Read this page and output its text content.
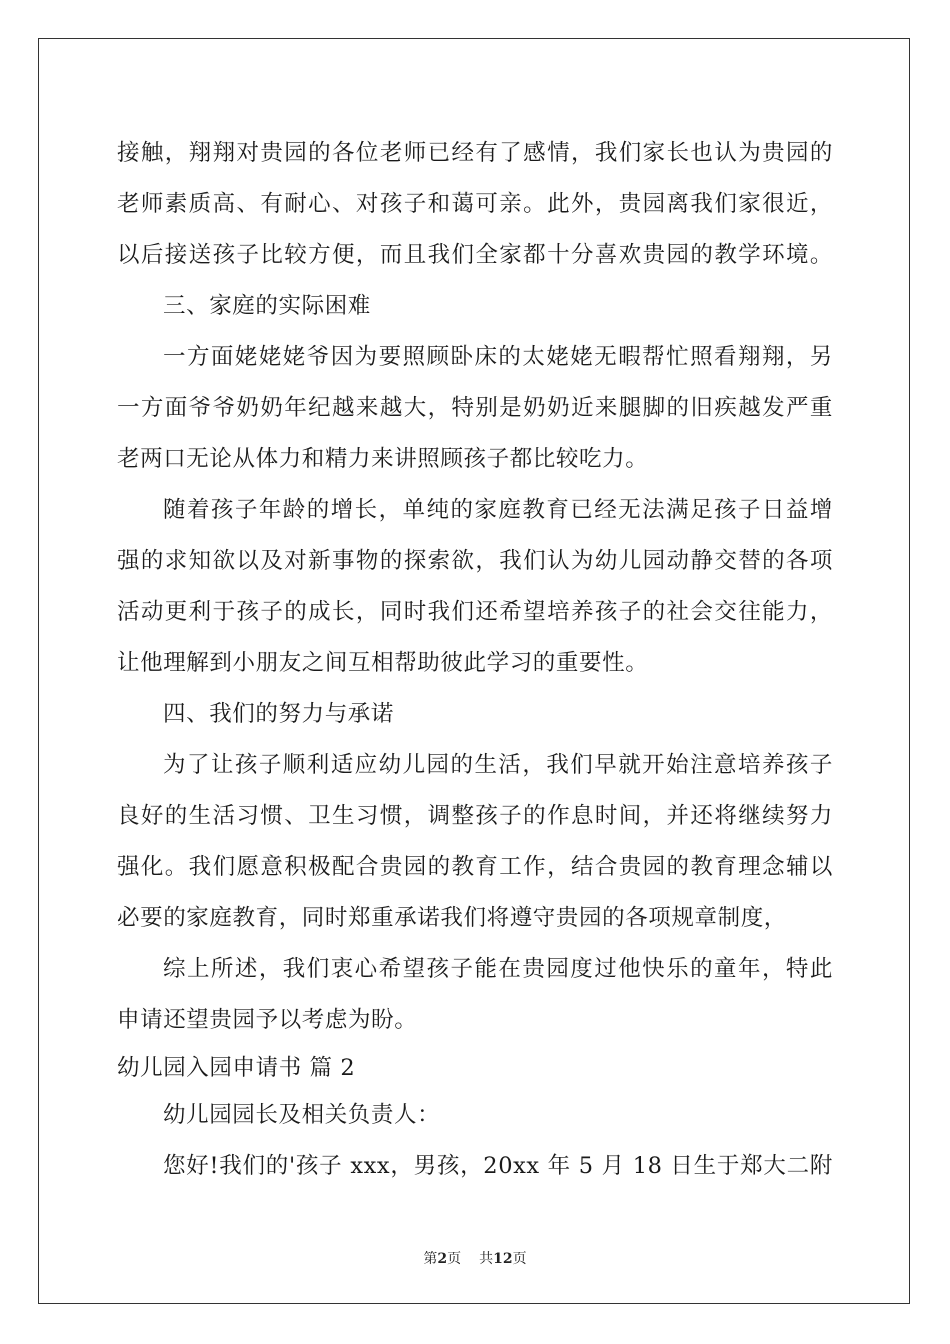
接触，翔翔对贵园的各位老师已经有了感情，我们家长也认为贵园的
老师素质高、有耐心、对孩子和蔼可亲。此外，贵园离我们家很近，
以后接送孩子比较方便，而且我们全家都十分喜欢贵园的教学环境。
三、家庭的实际困难
一方面姥姥姥爷因为要照顾卧床的太姥姥无暇帮忙照看翔翔，另
一方面爷爷奶奶年纪越来越大，特别是奶奶近来腿脚的旧疾越发严重
老两口无论从体力和精力来讲照顾孩子都比较吃力。
随着孩子年龄的增长，单纯的家庭教育已经无法满足孩子日益增
强的求知欲以及对新事物的探索欲，我们认为幼儿园动静交替的各项
活动更利于孩子的成长，同时我们还希望培养孩子的社会交往能力，
让他理解到小朋友之间互相帮助彼此学习的重要性。
四、我们的努力与承诺
为了让孩子顺利适应幼儿园的生活，我们早就开始注意培养孩子
良好的生活习惯、卫生习惯，调整孩子的作息时间，并还将继续努力
强化。我们愿意积极配合贵园的教育工作，结合贵园的教育理念辅以
必要的家庭教育，同时郑重承诺我们将遵守贵园的各项规章制度，
综上所述，我们衷心希望孩子能在贵园度过他快乐的童年，特此
申请还望贵园予以考虑为盼。
幼儿园入园申请书 篇 2
幼儿园园长及相关负责人：
您好!我们的'孩子 xxx，男孩，20xx 年 5 月 18 日生于郑大二附
第2页 共12页
